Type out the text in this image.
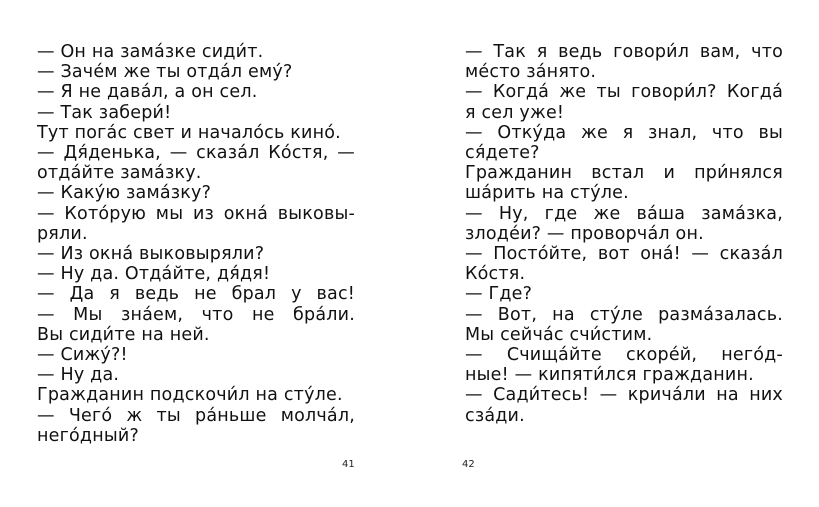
— Он на зама́зке сиди́т.
— Заче́м же ты отда́л ему́?
— Я не дава́л, а он сел.
— Так забери́!
Тут пога́с свет и начало́сь кино́.
— Дя́денька, — сказа́л Ко́стя, —
отда́йте зама́зку.
— Каку́ю зама́зку?
— Кото́рую мы из окна́ выковы-
ряли.
— Из окна́ выковыряли?
— Ну да. Отда́йте, дя́дя!
— Да я ведь не брал у вас!
— Мы зна́ем, что не бра́ли.
Вы сиди́те на ней.
— Сижу́?!
— Ну да.
Гражданин подскочи́л на сту́ле.
— Чего́ ж ты ра́ньше молча́л,
него́дный?
41
— Так я ведь говори́л вам, что
ме́сто за́нято.
— Когда́ же ты говори́л? Когда́
я сел уже!
— Отку́да же я знал, что вы
ся́дете?
Гражданин встал и при́нялся
ша́рить на сту́ле.
— Ну, где же ва́ша зама́зка,
злоде́и? — проворча́л он.
— Посто́йте, вот она́! — сказа́л
Ко́стя.
— Где?
— Вот, на сту́ле разма́залась.
Мы сейча́с счи́стим.
— Счища́йте скоре́й, него́д-
ные! — кипяти́лся гражданин.
— Сади́тесь! — крича́ли на них
сза́ди.
42
